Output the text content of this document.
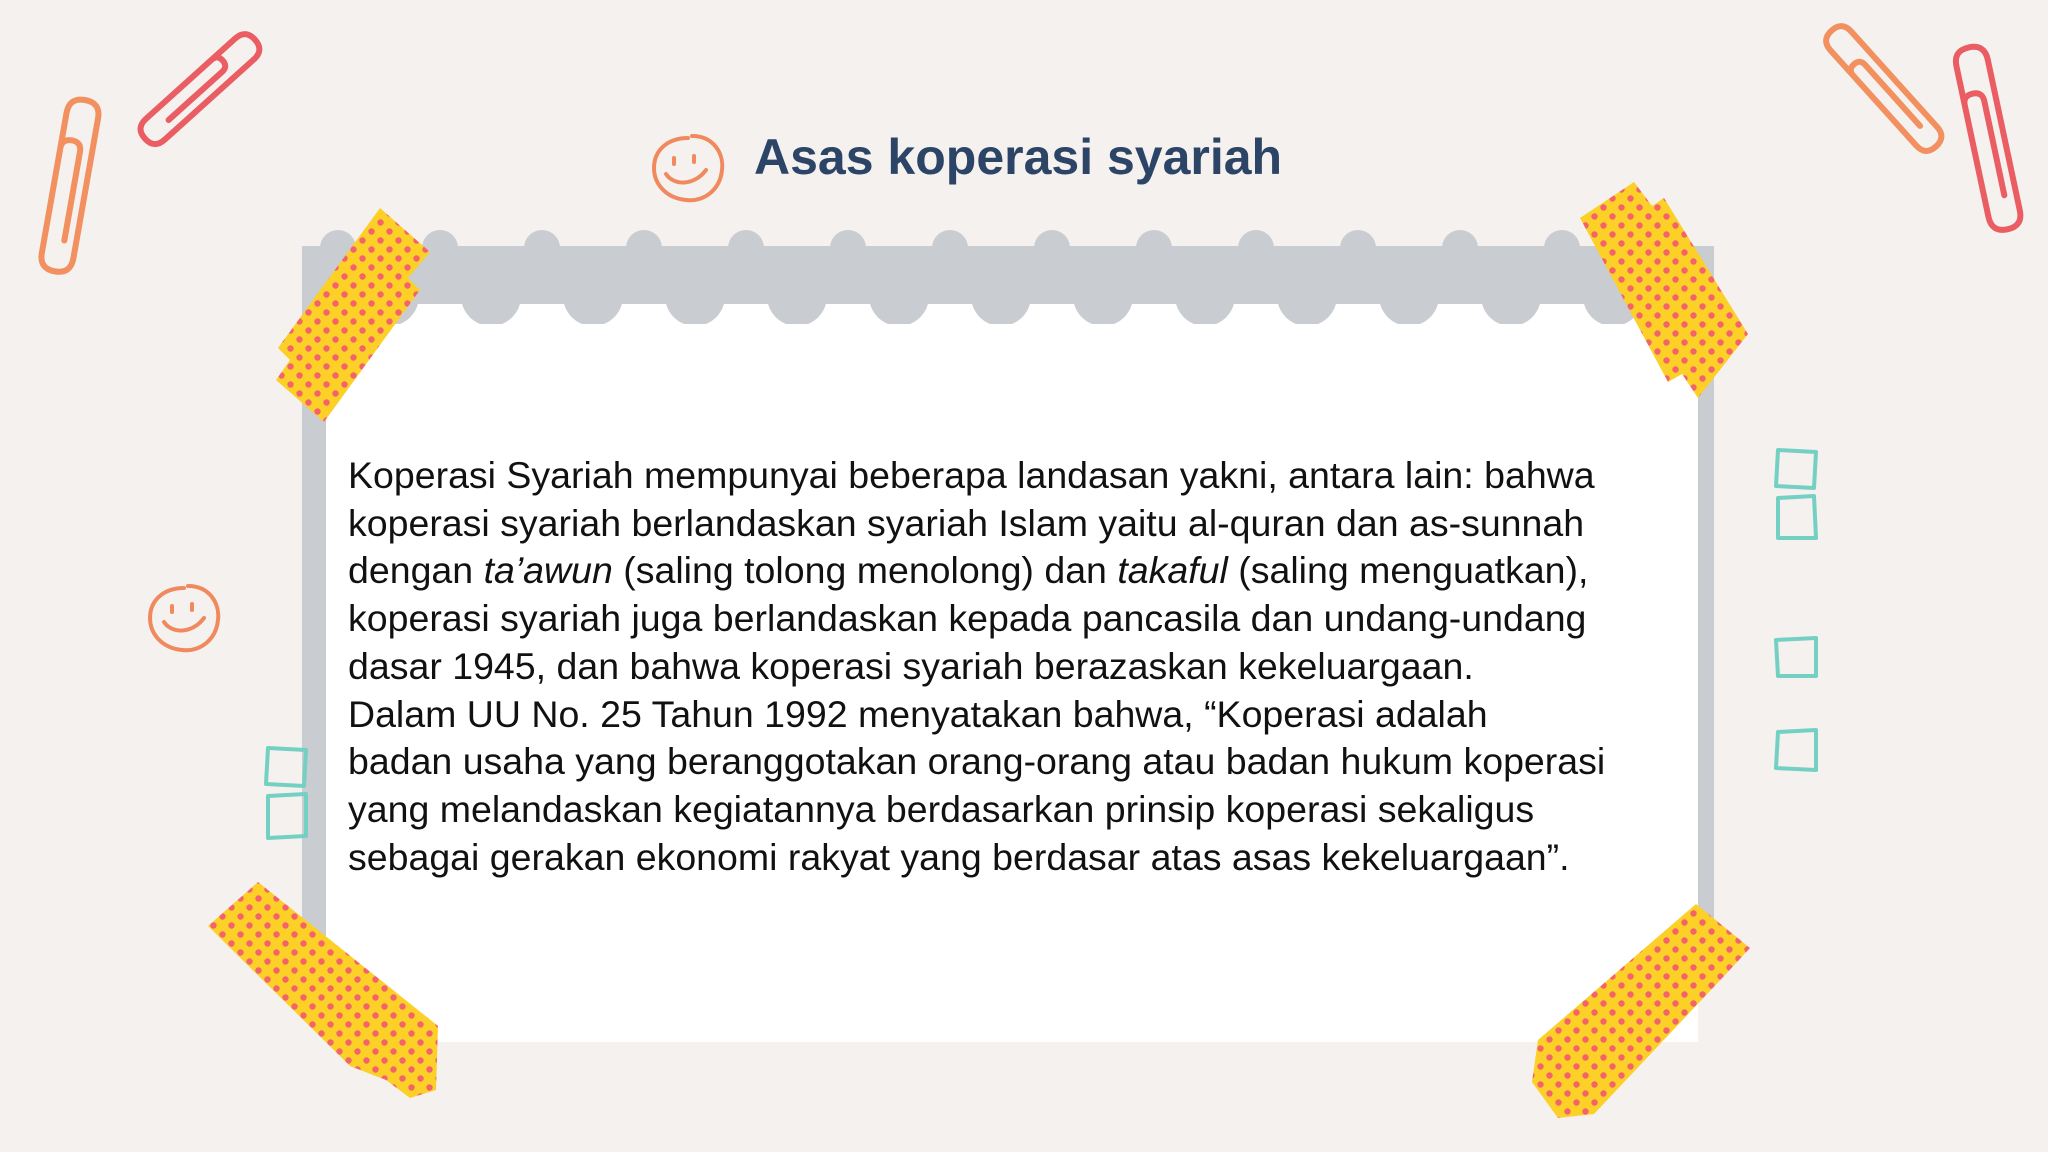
Asas koperasi syariah
Koperasi Syariah mempunyai beberapa landasan yakni, antara lain: bahwa
koperasi syariah berlandaskan syariah Islam yaitu al-quran dan as-sunnah
dengan ta’awun (saling tolong menolong) dan takaful (saling menguatkan),
koperasi syariah juga berlandaskan kepada pancasila dan undang-undang
dasar 1945, dan bahwa koperasi syariah berazaskan kekeluargaan.
Dalam UU No. 25 Tahun 1992 menyatakan bahwa, “Koperasi adalah
badan usaha yang beranggotakan orang-orang atau badan hukum koperasi
yang melandaskan kegiatannya berdasarkan prinsip koperasi sekaligus
sebagai gerakan ekonomi rakyat yang berdasar atas asas kekeluargaan”.
